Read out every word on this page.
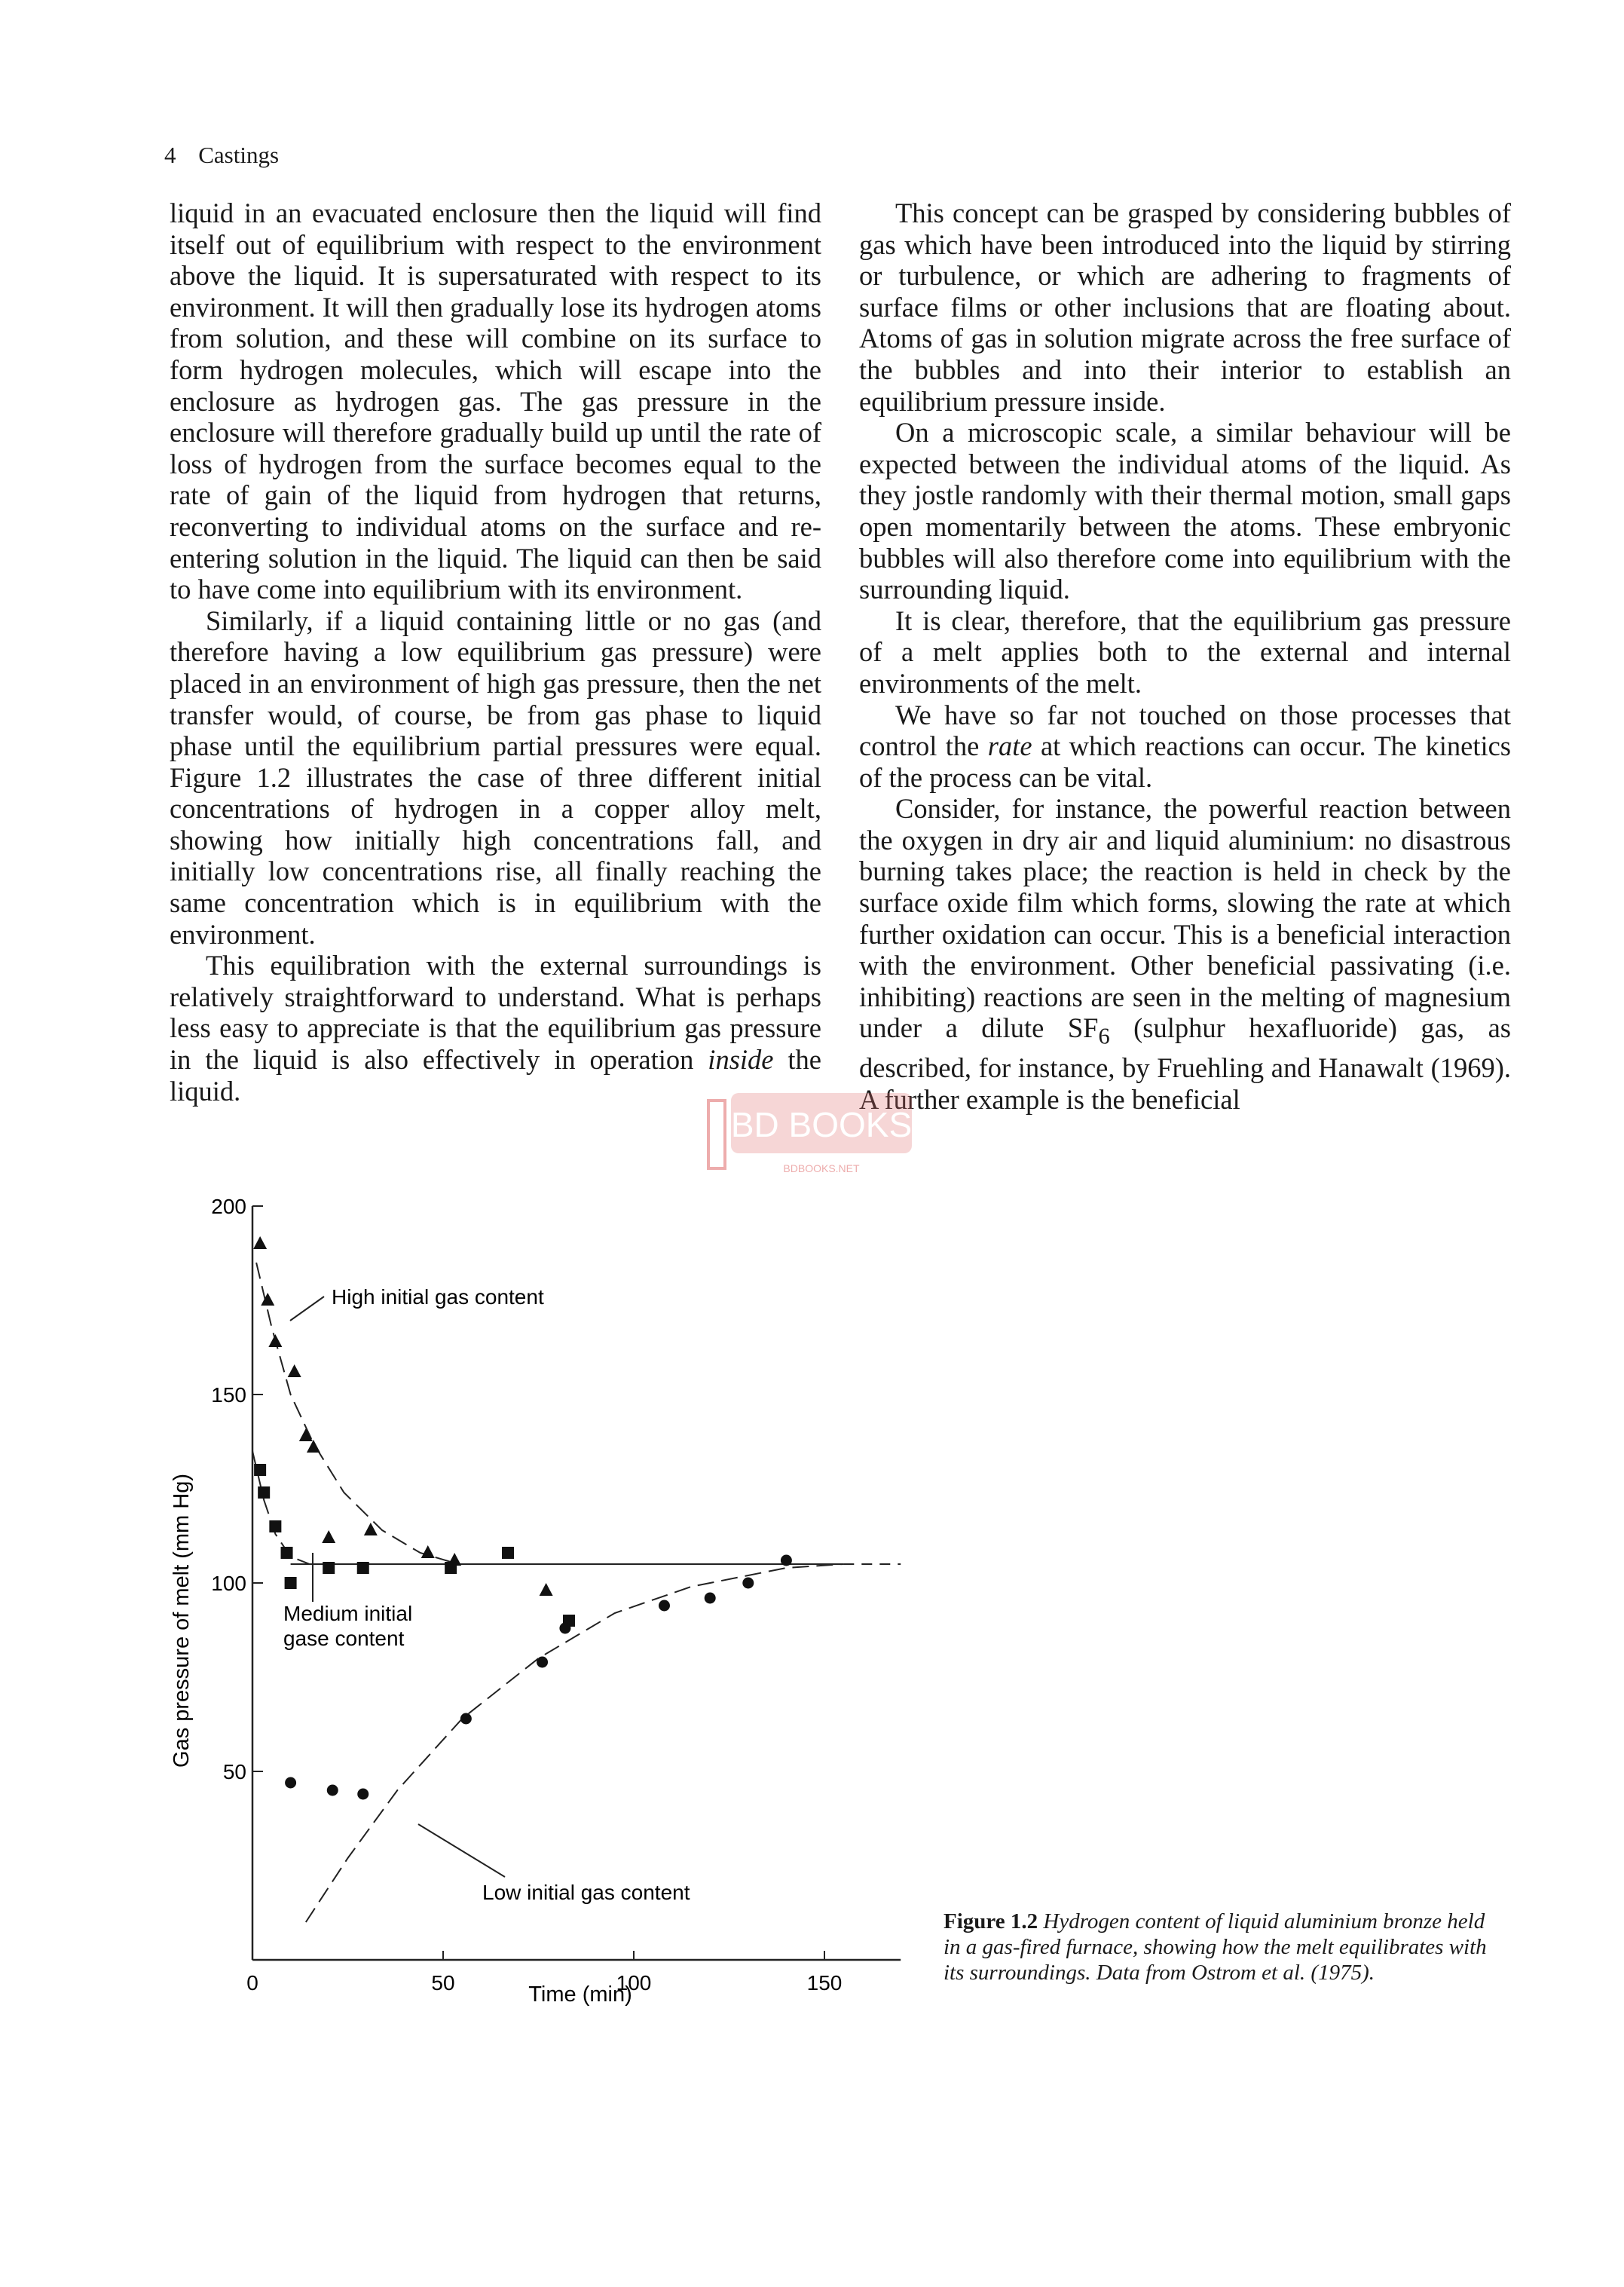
4 Castings

liquid in an evacuated enclosure then the liquid will find itself out of equilibrium with respect to the environment above the liquid. It is supersaturated with respect to its environment. It will then gradually lose its hydrogen atoms from solution, and these will combine on its surface to form hydrogen molecules, which will escape into the enclosure as hydrogen gas. The gas pressure in the enclosure will therefore gradually build up until the rate of loss of hydrogen from the surface becomes equal to the rate of gain of the liquid from hydrogen that returns, reconverting to individual atoms on the surface and re-entering solution in the liquid. The liquid can then be said to have come into equilibrium with its environment.

Similarly, if a liquid containing little or no gas (and therefore having a low equilibrium gas pressure) were placed in an environment of high gas pressure, then the net transfer would, of course, be from gas phase to liquid phase until the equilibrium partial pressures were equal. Figure 1.2 illustrates the case of three different initial concentrations of hydrogen in a copper alloy melt, showing how initially high concentrations fall, and initially low concentrations rise, all finally reaching the same concentration which is in equilibrium with the environment.

This equilibration with the external surroundings is relatively straightforward to understand. What is perhaps less easy to appreciate is that the equilibrium gas pressure in the liquid is also effectively in operation inside the liquid.

This concept can be grasped by considering bubbles of gas which have been introduced into the liquid by stirring or turbulence, or which are adhering to fragments of surface films or other inclusions that are floating about. Atoms of gas in solution migrate across the free surface of the bubbles and into their interior to establish an equilibrium pressure inside.

On a microscopic scale, a similar behaviour will be expected between the individual atoms of the liquid. As they jostle randomly with their thermal motion, small gaps open momentarily between the atoms. These embryonic bubbles will also therefore come into equilibrium with the surrounding liquid.

It is clear, therefore, that the equilibrium gas pressure of a melt applies both to the external and internal environments of the melt.

We have so far not touched on those processes that control the rate at which reactions can occur. The kinetics of the process can be vital.

Consider, for instance, the powerful reaction between the oxygen in dry air and liquid aluminium: no disastrous burning takes place; the reaction is held in check by the surface oxide film which forms, slowing the rate at which further oxidation can occur. This is a beneficial interaction with the environment. Other beneficial passivating (i.e. inhibiting) reactions are seen in the melting of magnesium under a dilute $SF_6$ (sulphur hexafluoride) gas, as described, for instance, by Fruehling and Hanawalt (1969). A further example is the beneficial

BD BOOKS
BDBOOKS.NET
0	50	100	150
50
100
150
200
Gas pressure of melt (mm Hg)
Time (min)
High initial gas content
Medium initial gase content
Low initial gas content
Figure 1.2 Hydrogen content of liquid aluminium bronze held in a gas-fired furnace, showing how the melt equilibrates with its surroundings. Data from Ostrom et al. (1975).
